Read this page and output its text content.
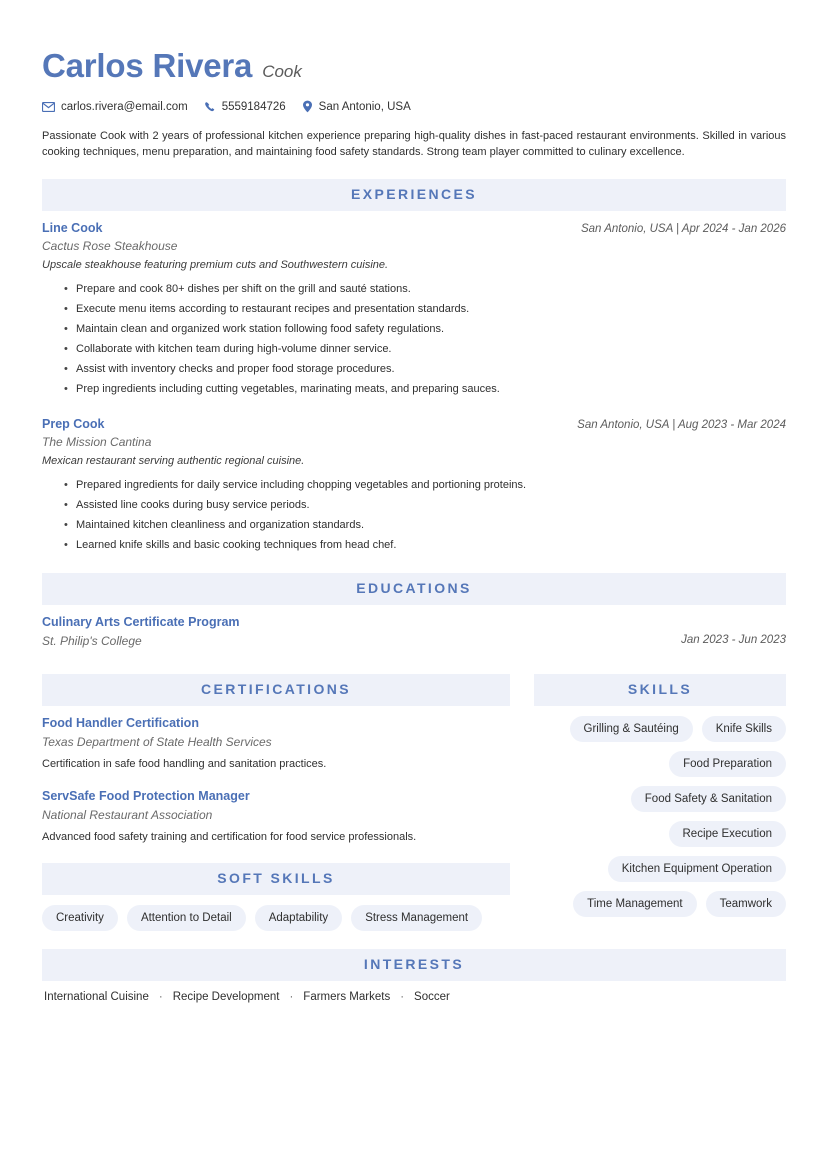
Carlos Rivera Cook
carlos.rivera@email.com	5559184726	San Antonio, USA
Passionate Cook with 2 years of professional kitchen experience preparing high-quality dishes in fast-paced restaurant environments. Skilled in various cooking techniques, menu preparation, and maintaining food safety standards. Strong team player committed to culinary excellence.
EXPERIENCES
Line Cook	San Antonio, USA | Apr 2024 - Jan 2026
Cactus Rose Steakhouse
Upscale steakhouse featuring premium cuts and Southwestern cuisine.
• Prepare and cook 80+ dishes per shift on the grill and sauté stations.
• Execute menu items according to restaurant recipes and presentation standards.
• Maintain clean and organized work station following food safety regulations.
• Collaborate with kitchen team during high-volume dinner service.
• Assist with inventory checks and proper food storage procedures.
• Prep ingredients including cutting vegetables, marinating meats, and preparing sauces.
Prep Cook	San Antonio, USA | Aug 2023 - Mar 2024
The Mission Cantina
Mexican restaurant serving authentic regional cuisine.
• Prepared ingredients for daily service including chopping vegetables and portioning proteins.
• Assisted line cooks during busy service periods.
• Maintained kitchen cleanliness and organization standards.
• Learned knife skills and basic cooking techniques from head chef.
EDUCATIONS
Culinary Arts Certificate Program
St. Philip's College	Jan 2023 - Jun 2023
CERTIFICATIONS
Food Handler Certification
Texas Department of State Health Services
Certification in safe food handling and sanitation practices.
ServSafe Food Protection Manager
National Restaurant Association
Advanced food safety training and certification for food service professionals.
SOFT SKILLS
Creativity	Attention to Detail	Adaptability	Stress Management
SKILLS
Grilling & Sautéing	Knife Skills
Food Preparation
Food Safety & Sanitation
Recipe Execution
Kitchen Equipment Operation
Time Management	Teamwork
INTERESTS
International Cuisine · Recipe Development · Farmers Markets · Soccer
